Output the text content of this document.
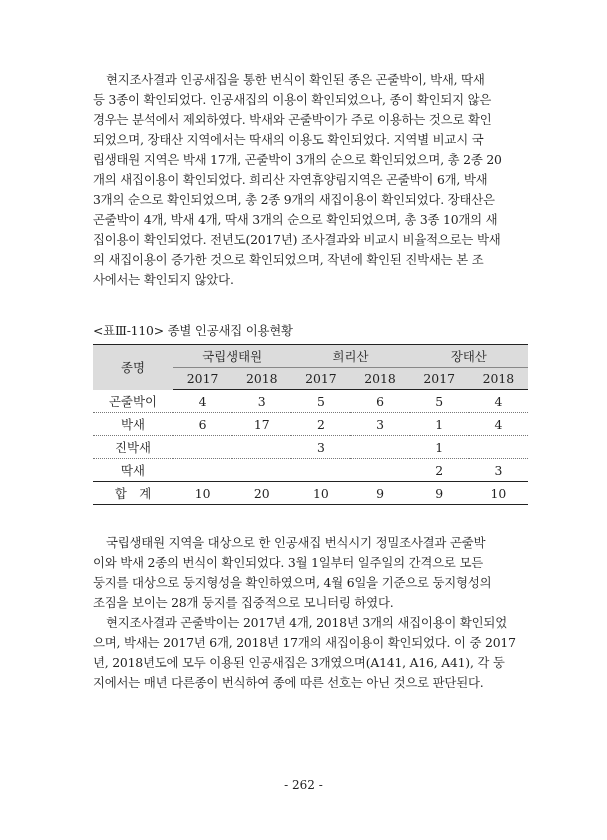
현지조사결과 인공새집을 통한 번식이 확인된 종은 곤줄박이, 박새, 딱새
등 3종이 확인되었다. 인공새집의 이용이 확인되었으나, 종이 확인되지 않은
경우는 분석에서 제외하였다. 박새와 곤줄박이가 주로 이용하는 것으로 확인
되었으며, 장태산 지역에서는 딱새의 이용도 확인되었다. 지역별 비교시 국
립생태원 지역은 박새 17개, 곤줄박이 3개의 순으로 확인되었으며, 총 2종 20
개의 새집이용이 확인되었다. 희리산 자연휴양림지역은 곤줄박이 6개, 박새
3개의 순으로 확인되었으며, 총 2종 9개의 새집이용이 확인되었다. 장태산은
곤줄박이 4개, 박새 4개, 딱새 3개의 순으로 확인되었으며, 총 3종 10개의 새
집이용이 확인되었다. 전년도(2017년) 조사결과와 비교시 비율적으로는 박새
의 새집이용이 증가한 것으로 확인되었으며, 작년에 확인된 진박새는 본 조
사에서는 확인되지 않았다.

<표Ⅲ-110> 종별 인공새집 이용현황

종명	국립생태원		희리산		장태산	
	2017	2018	2017	2018	2017	2018
곤줄박이	4	3	5	6	5	4
박새	6	17	2	3	1	4
진박새			3		1	
딱새					2	3
합　계	10	20	10	9	9	10
국립생태원 지역을 대상으로 한 인공새집 번식시기 정밀조사결과 곤줄박
이와 박새 2종의 번식이 확인되었다. 3월 1일부터 일주일의 간격으로 모든
둥지를 대상으로 둥지형성을 확인하였으며, 4월 6일을 기준으로 둥지형성의
조짐을 보이는 28개 둥지를 집중적으로 모니터링 하였다.
현지조사결과 곤줄박이는 2017년 4개, 2018년 3개의 새집이용이 확인되었
으며, 박새는 2017년 6개, 2018년 17개의 새집이용이 확인되었다. 이 중 2017
년, 2018년도에 모두 이용된 인공새집은 3개였으며(A141, A16, A41), 각 둥
지에서는 매년 다른종이 번식하여 종에 따른 선호는 아닌 것으로 판단된다.

- 262 -
